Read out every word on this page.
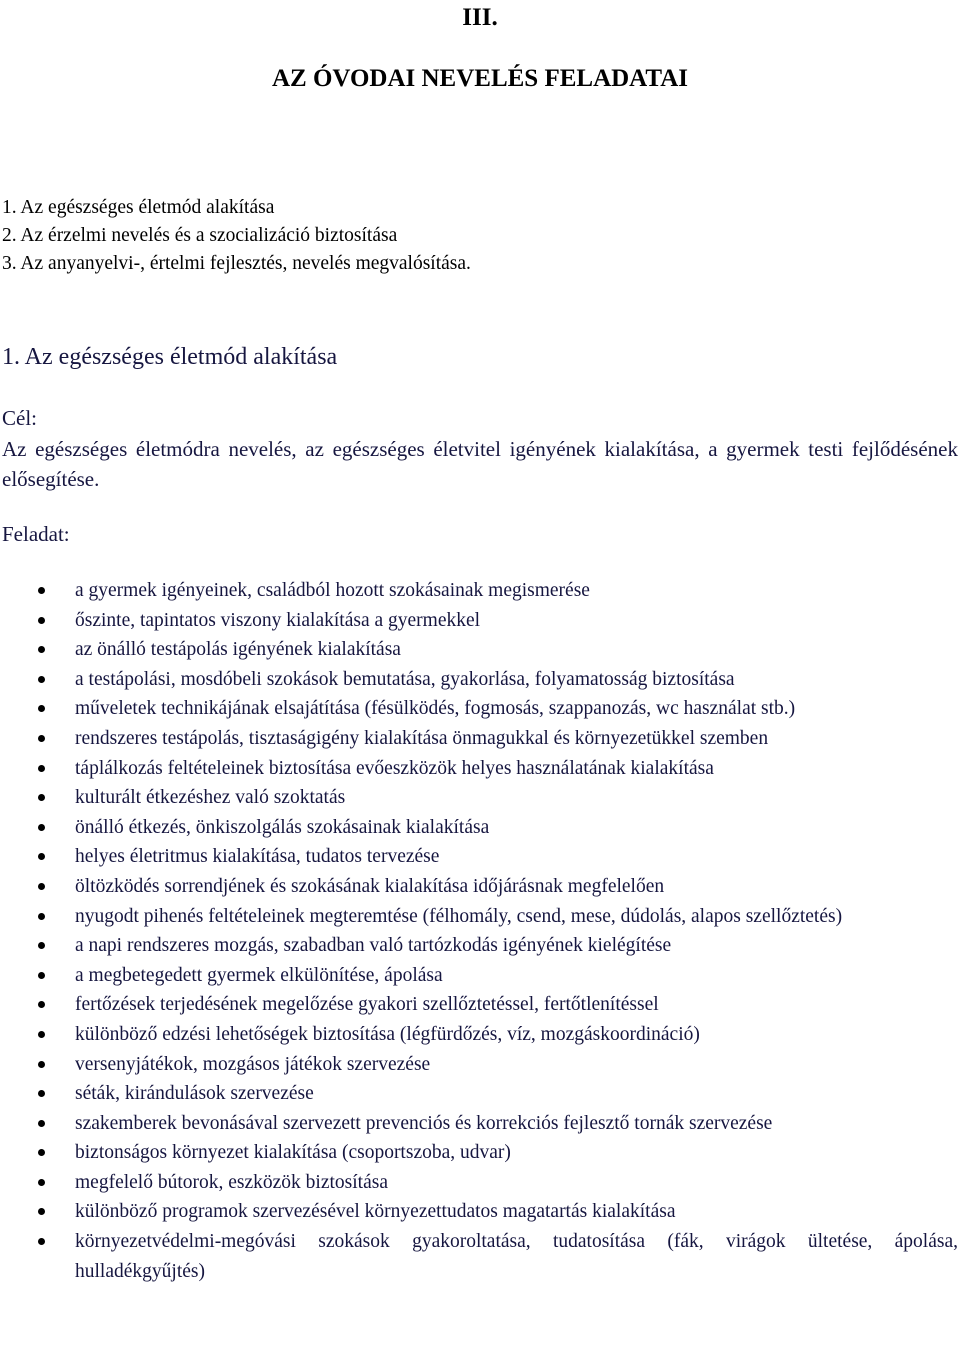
III.
AZ ÓVODAI NEVELÉS FELADATAI
1. Az egészséges életmód alakítása
2. Az érzelmi nevelés és a szocializáció biztosítása
3. Az anyanyelvi-, értelmi fejlesztés, nevelés megvalósítása.
1. Az egészséges életmód alakítása

Cél:

Az egészséges életmódra nevelés, az egészséges életvitel igényének kialakítása, a gyermek testi fejlődésének elősegítése.

Feladat:

a gyermek igényeinek, családból hozott szokásainak megismerése
őszinte, tapintatos viszony kialakítása a gyermekkel
az önálló testápolás igényének kialakítása
a testápolási, mosdóbeli szokások bemutatása, gyakorlása, folyamatosság biztosítása
műveletek technikájának elsajátítása (fésülködés, fogmosás, szappanozás, wc használat stb.)
rendszeres testápolás, tisztaságigény kialakítása önmagukkal és környezetükkel szemben
táplálkozás feltételeinek biztosítása evőeszközök helyes használatának kialakítása
kulturált étkezéshez való szoktatás
önálló étkezés, önkiszolgálás szokásainak kialakítása
helyes életritmus kialakítása, tudatos tervezése
öltözködés sorrendjének és szokásának kialakítása időjárásnak megfelelően
nyugodt pihenés feltételeinek megteremtése (félhomály, csend, mese, dúdolás, alapos szellőztetés)
a napi rendszeres mozgás, szabadban való tartózkodás igényének kielégítése
a megbetegedett gyermek elkülönítése, ápolása
fertőzések terjedésének megelőzése gyakori szellőztetéssel, fertőtlenítéssel
különböző edzési lehetőségek biztosítása (légfürdőzés, víz, mozgáskoordináció)
versenyjátékok, mozgásos játékok szervezése
séták, kirándulások szervezése
szakemberek bevonásával szervezett prevenciós és korrekciós fejlesztő tornák szervezése
biztonságos környezet kialakítása (csoportszoba, udvar)
megfelelő bútorok, eszközök biztosítása
különböző programok szervezésével környezettudatos magatartás kialakítása
környezetvédelmi-megóvási szokások gyakoroltatása, tudatosítása (fák, virágok ültetése, ápolása, hulladékgyűjtés)
